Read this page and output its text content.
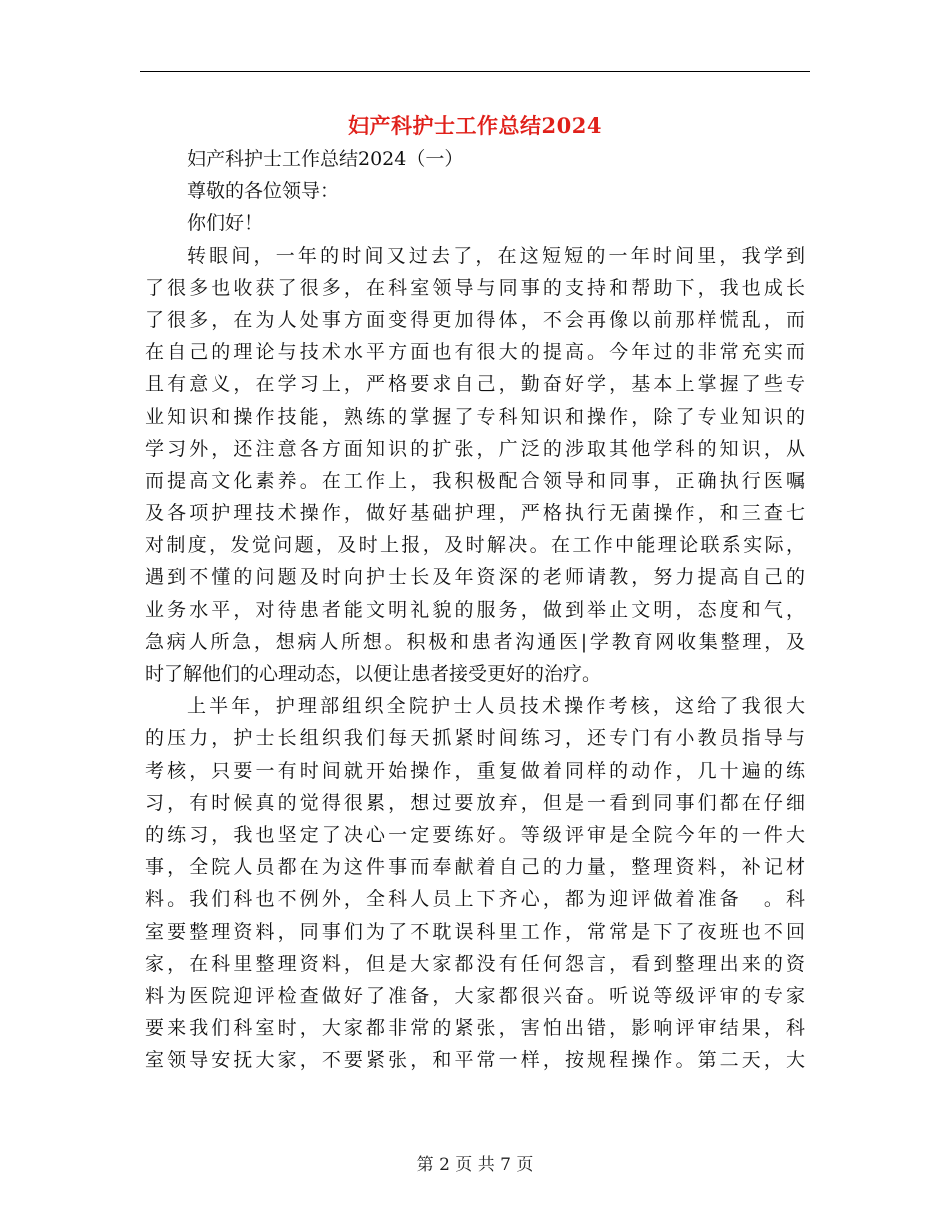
妇产科护士工作总结2024
妇产科护士工作总结2024（一）
尊敬的各位领导：
你们好！
转眼间，一年的时间又过去了，在这短短的一年时间里，我学到
了很多也收获了很多，在科室领导与同事的支持和帮助下，我也成长
了很多，在为人处事方面变得更加得体，不会再像以前那样慌乱，而
在自己的理论与技术水平方面也有很大的提高。今年过的非常充实而
且有意义，在学习上，严格要求自己，勤奋好学，基本上掌握了些专
业知识和操作技能，熟练的掌握了专科知识和操作，除了专业知识的
学习外，还注意各方面知识的扩张，广泛的涉取其他学科的知识，从
而提高文化素养。在工作上，我积极配合领导和同事，正确执行医嘱
及各项护理技术操作，做好基础护理，严格执行无菌操作，和三查七
对制度，发觉问题，及时上报，及时解决。在工作中能理论联系实际，
遇到不懂的问题及时向护士长及年资深的老师请教，努力提高自己的
业务水平，对待患者能文明礼貌的服务，做到举止文明，态度和气，
急病人所急，想病人所想。积极和患者沟通医|学教育网收集整理，及
时了解他们的心理动态，以便让患者接受更好的治疗。
上半年，护理部组织全院护士人员技术操作考核，这给了我很大
的压力，护士长组织我们每天抓紧时间练习，还专门有小教员指导与
考核，只要一有时间就开始操作，重复做着同样的动作，几十遍的练
习，有时候真的觉得很累，想过要放弃，但是一看到同事们都在仔细
的练习，我也坚定了决心一定要练好。等级评审是全院今年的一件大
事，全院人员都在为这件事而奉献着自己的力量，整理资料，补记材
料。我们科也不例外，全科人员上下齐心，都为迎评做着准备　。科
室要整理资料，同事们为了不耽误科里工作，常常是下了夜班也不回
家，在科里整理资料，但是大家都没有任何怨言，看到整理出来的资
料为医院迎评检查做好了准备，大家都很兴奋。听说等级评审的专家
要来我们科室时，大家都非常的紧张，害怕出错，影响评审结果，科
室领导安抚大家，不要紧张，和平常一样，按规程操作。第二天，大
第 2 页 共 7 页
